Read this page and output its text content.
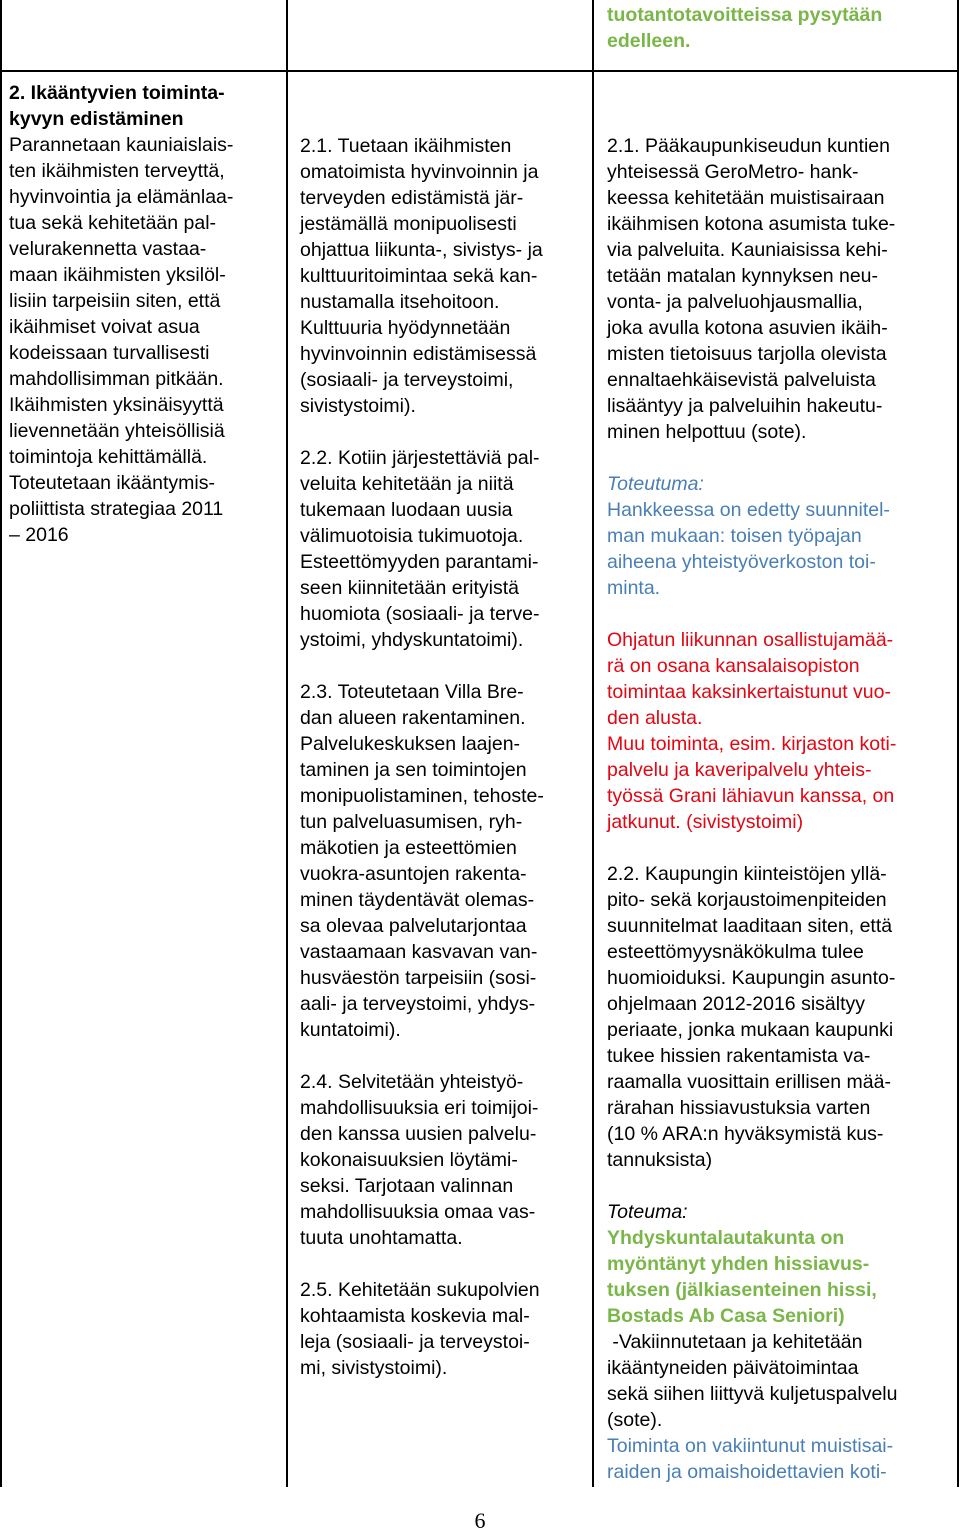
tuotantotavoitteissa pysytään

edelleen.

2. Ikääntyvien toiminta-

kyvyn edistäminen

Parannetaan kauniaislais-

ten ikäihmisten terveyttä,

hyvinvointia ja elämänlaa-

tua sekä kehitetään pal-

velurakennetta vastaa-

maan ikäihmisten yksilöl-

lisiin tarpeisiin siten, että

ikäihmiset voivat asua

kodeissaan turvallisesti

mahdollisimman pitkään.

Ikäihmisten yksinäisyyttä

lievennetään yhteisöllisiä

toimintoja kehittämällä.

Toteutetaan ikääntymis-

poliittista strategiaa 2011

– 2016

2.1. Tuetaan ikäihmisten

omatoimista hyvinvoinnin ja

terveyden edistämistä jär-

jestämällä monipuolisesti

ohjattua liikunta-, sivistys- ja

kulttuuritoimintaa sekä kan-

nustamalla itsehoitoon.

Kulttuuria hyödynnetään

hyvinvoinnin edistämisessä

(sosiaali- ja terveystoimi,

sivistystoimi).

2.2. Kotiin järjestettäviä pal-

veluita kehitetään ja niitä

tukemaan luodaan uusia

välimuotoisia tukimuotoja.

Esteettömyyden parantami-

seen kiinnitetään erityistä

huomiota (sosiaali- ja terve-

ystoimi, yhdyskuntatoimi).

2.3. Toteutetaan Villa Bre-

dan alueen rakentaminen.

Palvelukeskuksen laajen-

taminen ja sen toimintojen

monipuolistaminen, tehoste-

tun palveluasumisen, ryh-

mäkotien ja esteettömien

vuokra-asuntojen rakenta-

minen täydentävät olemas-

sa olevaa palvelutarjontaa

vastaamaan kasvavan van-

husväestön tarpeisiin (sosi-

aali- ja terveystoimi, yhdys-

kuntatoimi).

2.4. Selvitetään yhteistyö-

mahdollisuuksia eri toimijoi-

den kanssa uusien palvelu-

kokonaisuuksien löytämi-

seksi. Tarjotaan valinnan

mahdollisuuksia omaa vas-

tuuta unohtamatta.

2.5. Kehitetään sukupolvien

kohtaamista koskevia mal-

leja (sosiaali- ja terveystoi-

mi, sivistystoimi).

2.1. Pääkaupunkiseudun kuntien

yhteisessä GeroMetro- hank-

keessa kehitetään muistisairaan

ikäihmisen kotona asumista tuke-

via palveluita. Kauniaisissa kehi-

tetään matalan kynnyksen neu-

vonta- ja palveluohjausmallia,

joka avulla kotona asuvien ikäih-

misten tietoisuus tarjolla olevista

ennaltaehkäisevistä palveluista

lisääntyy ja palveluihin hakeutu-

minen helpottuu (sote).

Toteutuma:

Hankkeessa on edetty suunnitel-

man mukaan: toisen työpajan

aiheena yhteistyöverkoston toi-

minta.

Ohjatun liikunnan osallistujamää-

rä on osana kansalaisopiston

toimintaa kaksinkertaistunut vuo-

den alusta.

Muu toiminta, esim. kirjaston koti-

palvelu ja kaveripalvelu yhteis-

työssä Grani lähiavun kanssa, on

jatkunut. (sivistystoimi)

2.2. Kaupungin kiinteistöjen yllä-

pito- sekä korjaustoimenpiteiden

suunnitelmat laaditaan siten, että

esteettömyysnäkökulma tulee

huomioiduksi. Kaupungin asunto-

ohjelmaan 2012-2016 sisältyy

periaate, jonka mukaan kaupunki

tukee hissien rakentamista va-

raamalla vuosittain erillisen mää-

rärahan hissiavustuksia varten

(10 % ARA:n hyväksymistä kus-

tannuksista)

Toteuma:

Yhdyskuntalautakunta on

myöntänyt yhden hissiavus-

tuksen (jälkiasenteinen hissi,

Bostads Ab Casa Seniori)

-Vakiinnutetaan ja kehitetään

ikääntyneiden päivätoimintaa

sekä siihen liittyvä kuljetuspalvelu

(sote).

Toiminta on vakiintunut muistisai-

raiden ja omaishoidettavien koti-

6
